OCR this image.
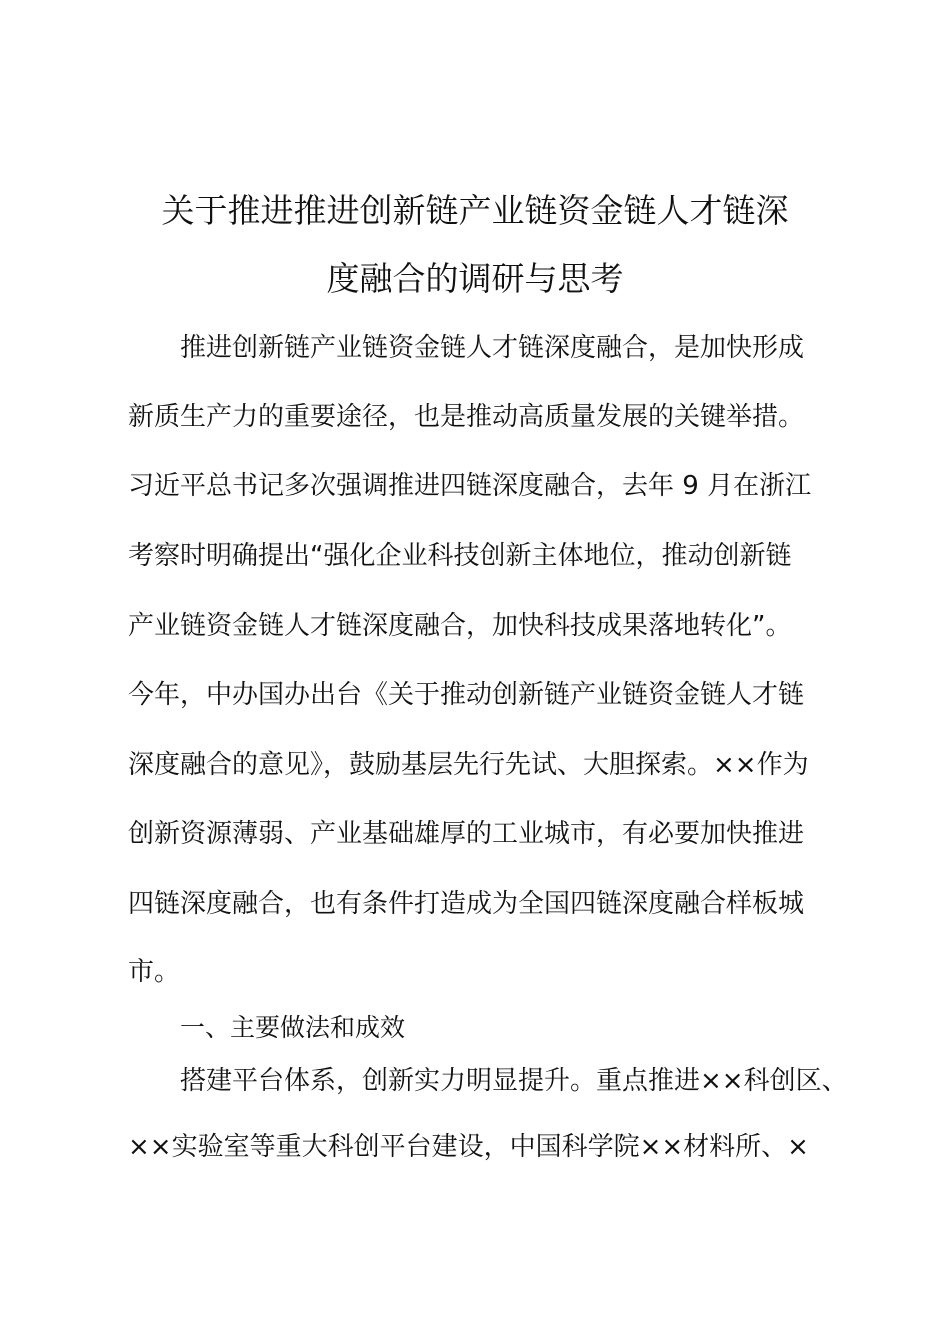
关于推进推进创新链产业链资金链人才链深
度融合的调研与思考
推进创新链产业链资金链人才链深度融合，是加快形成
新质生产力的重要途径，也是推动高质量发展的关键举措。
习近平总书记多次强调推进四链深度融合，去年 9 月在浙江
考察时明确提出“强化企业科技创新主体地位，推动创新链
产业链资金链人才链深度融合，加快科技成果落地转化”。
今年，中办国办出台《关于推动创新链产业链资金链人才链
深度融合的意见》，鼓励基层先行先试、大胆探索。××作为
创新资源薄弱、产业基础雄厚的工业城市，有必要加快推进
四链深度融合，也有条件打造成为全国四链深度融合样板城
市。
一、主要做法和成效
搭建平台体系，创新实力明显提升。重点推进××科创区、
××实验室等重大科创平台建设，中国科学院××材料所、×
